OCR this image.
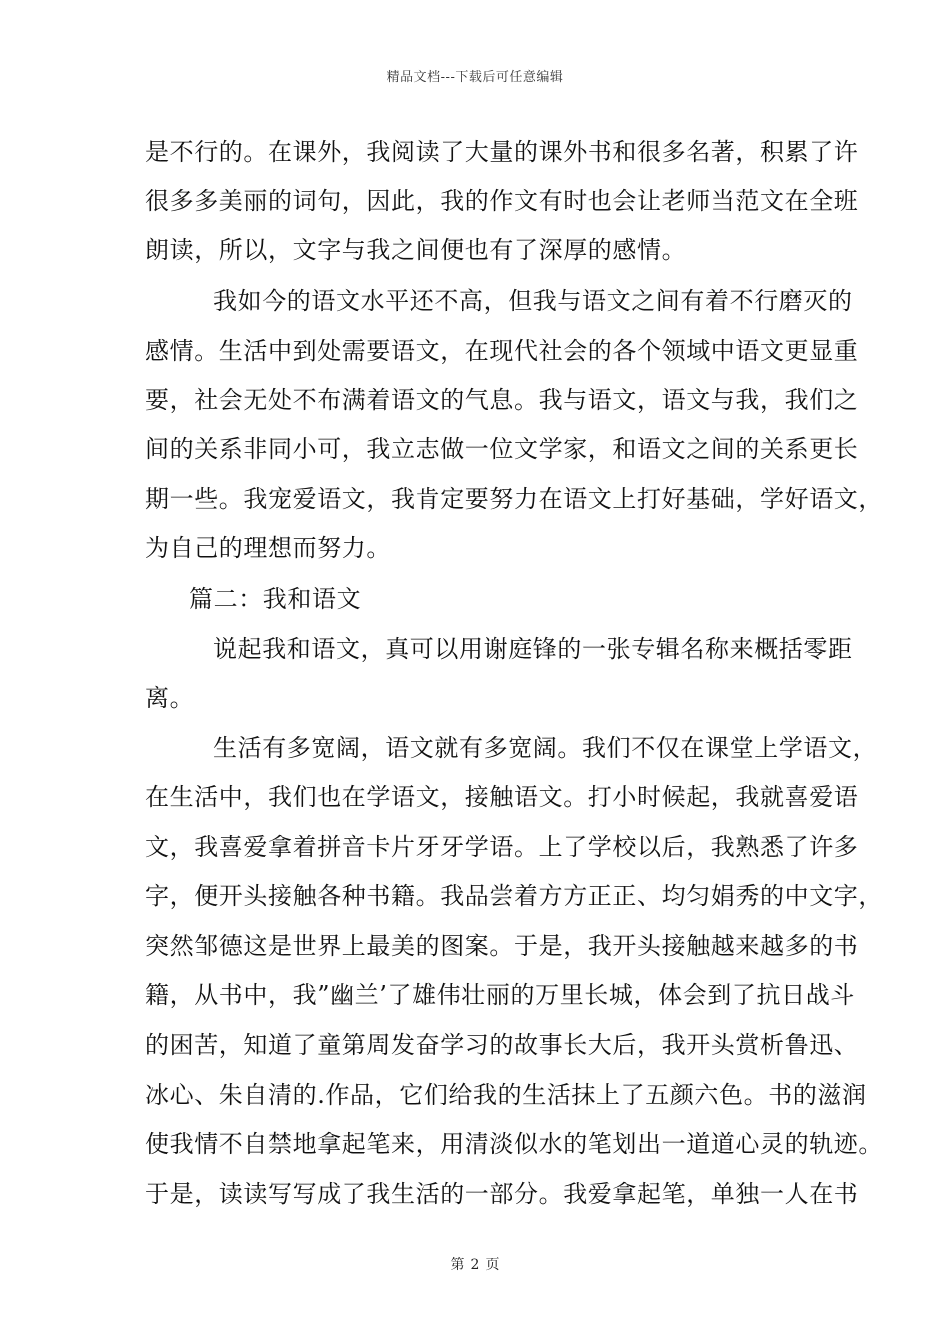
精品文档---下载后可任意编辑
是不行的。在课外，我阅读了大量的课外书和很多名著，积累了许
很多多美丽的词句，因此，我的作文有时也会让老师当范文在全班
朗读，所以，文字与我之间便也有了深厚的感情。
我如今的语文水平还不高，但我与语文之间有着不行磨灭的
感情。生活中到处需要语文，在现代社会的各个领域中语文更显重
要，社会无处不布满着语文的气息。我与语文，语文与我，我们之
间的关系非同小可，我立志做一位文学家，和语文之间的关系更长
期一些。我宠爱语文，我肯定要努力在语文上打好基础，学好语文，
为自己的理想而努力。
篇二：我和语文
说起我和语文，真可以用谢庭锋的一张专辑名称来概括零距
离。
生活有多宽阔，语文就有多宽阔。我们不仅在课堂上学语文，
在生活中，我们也在学语文，接触语文。打小时候起，我就喜爱语
文，我喜爱拿着拼音卡片牙牙学语。上了学校以后，我熟悉了许多
字，便开头接触各种书籍。我品尝着方方正正、均匀娟秀的中文字，
突然邹德这是世界上最美的图案。于是，我开头接触越来越多的书
籍，从书中，我”幽兰’了雄伟壮丽的万里长城，体会到了抗日战斗
的困苦，知道了童第周发奋学习的故事长大后，我开头赏析鲁迅、
冰心、朱自清的.作品，它们给我的生活抹上了五颜六色。书的滋润
使我情不自禁地拿起笔来，用清淡似水的笔划出一道道心灵的轨迹。
于是，读读写写成了我生活的一部分。我爱拿起笔，单独一人在书
第 2 页
